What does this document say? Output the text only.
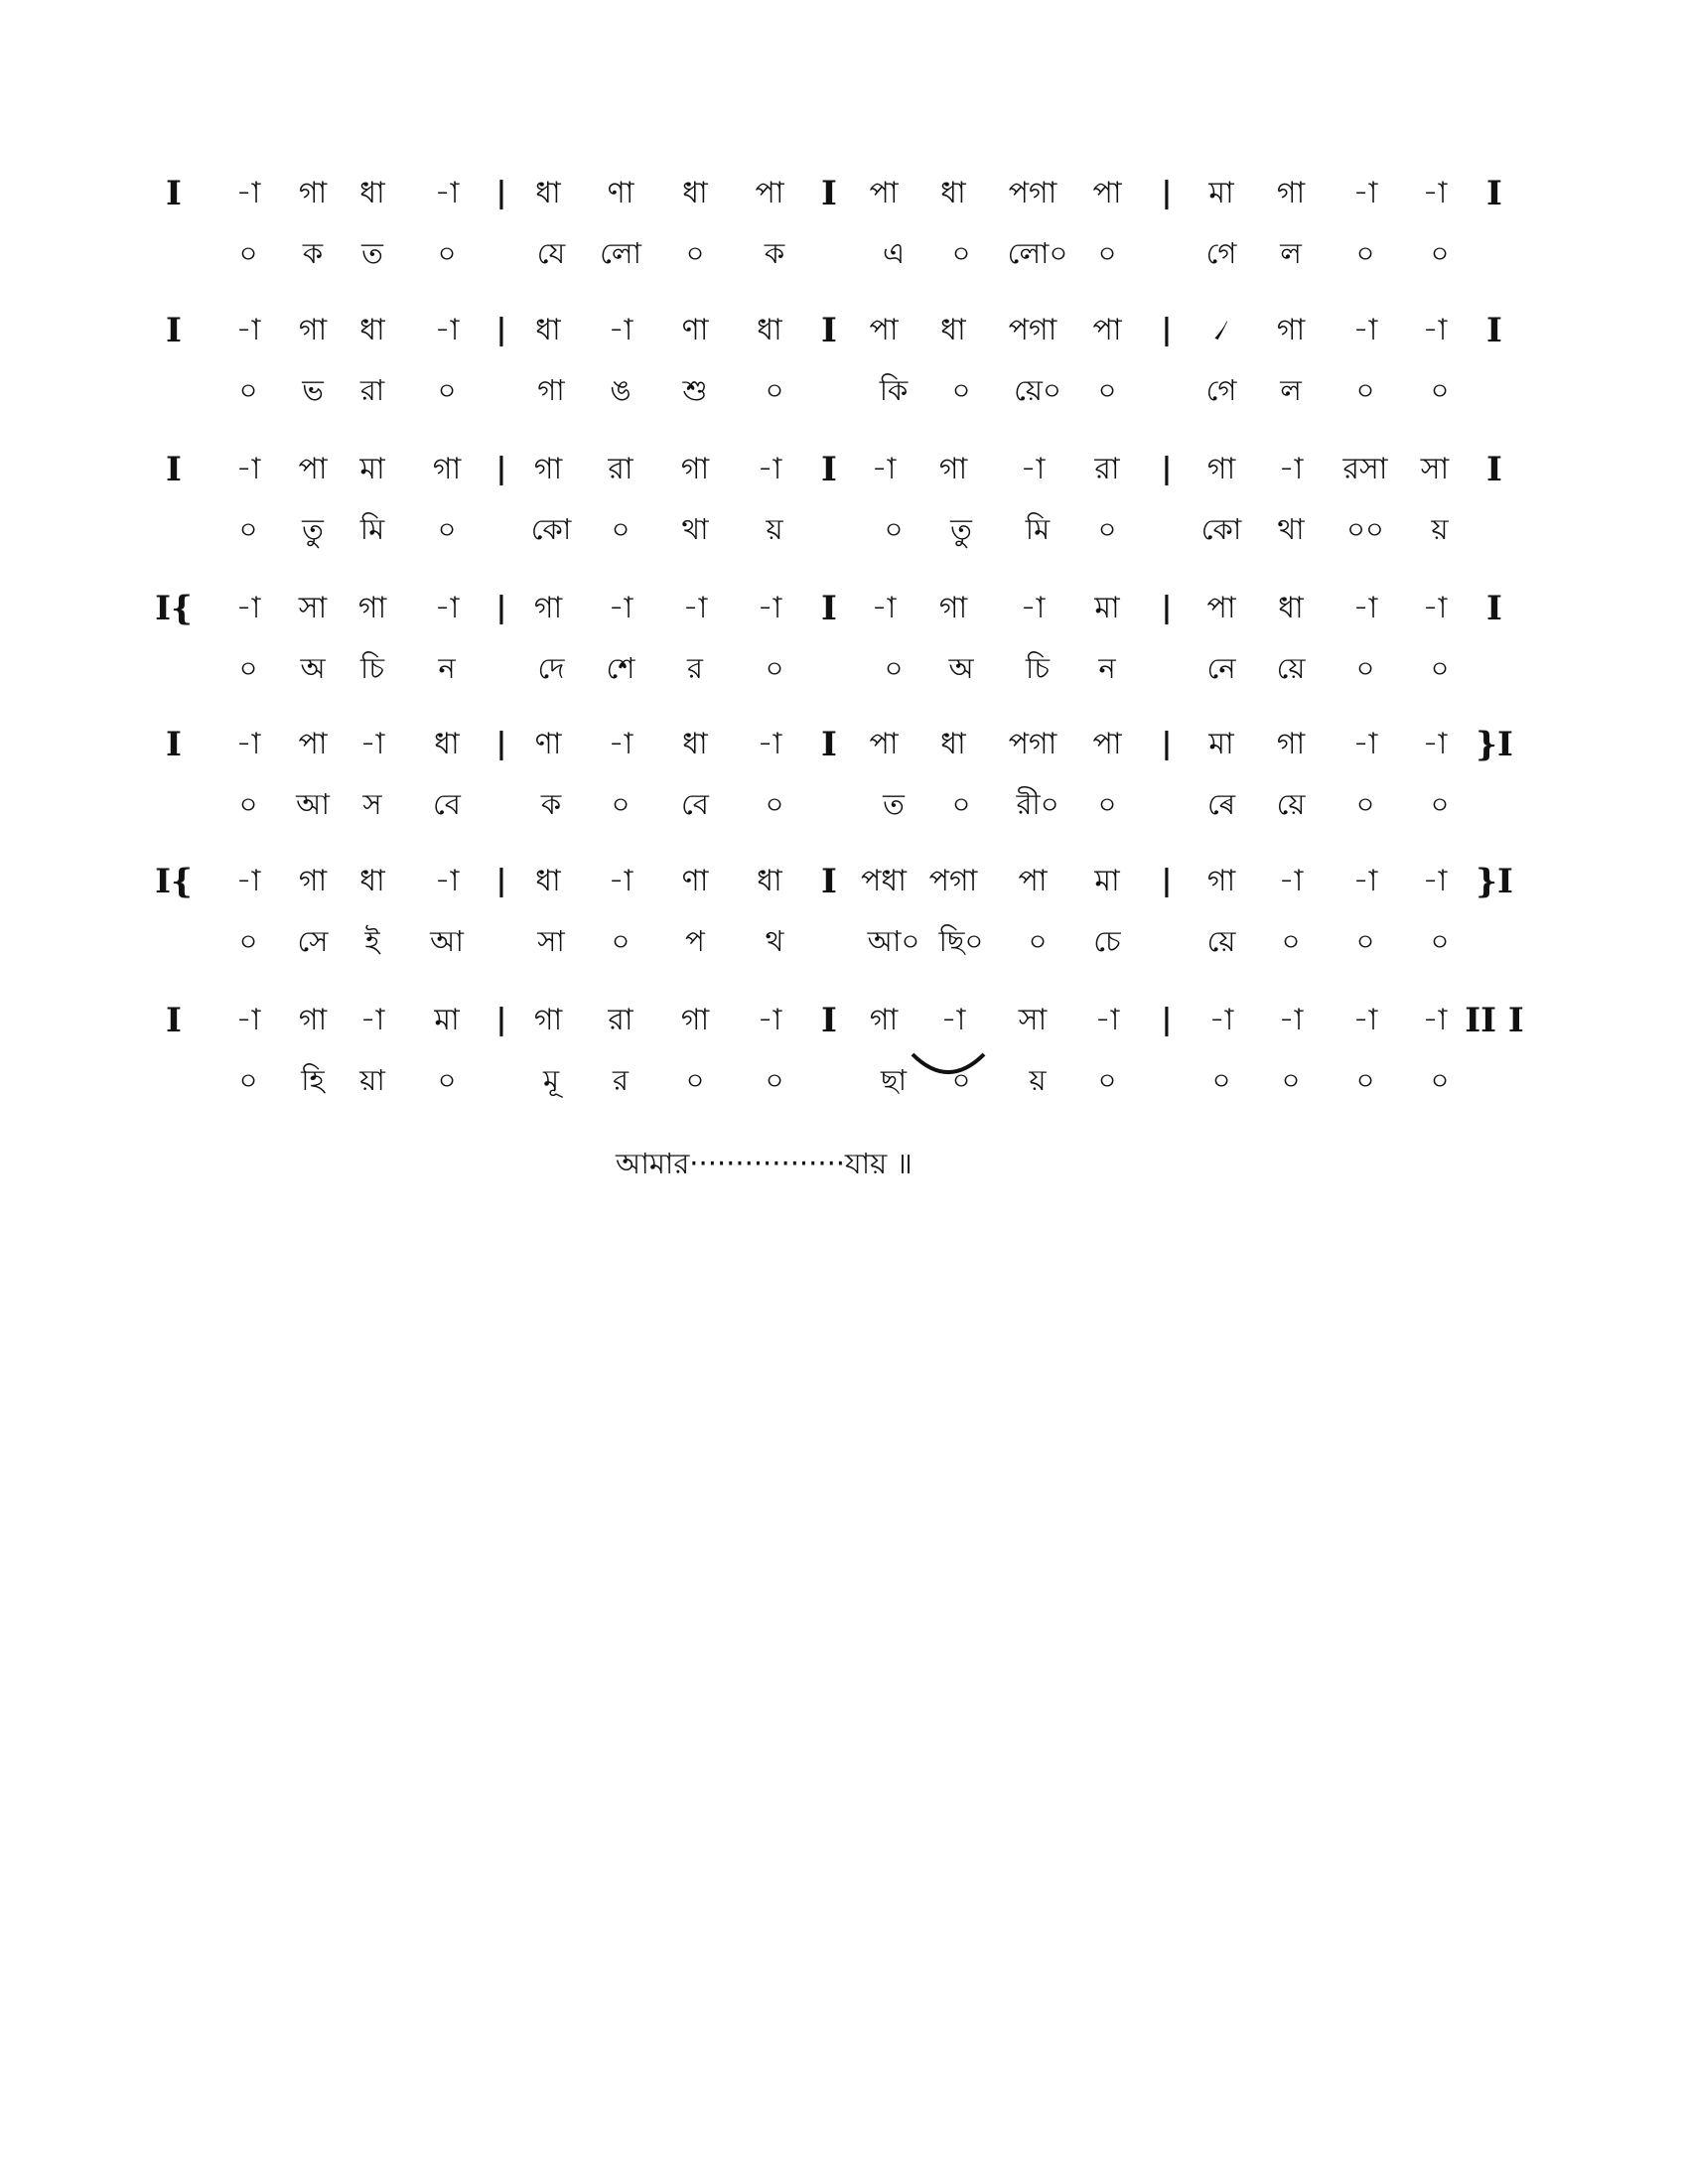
I -া গা ধা -া | ধা ণা ধা পা I পা ধা পগা পা | মা গা -া -া I
০ ক ত ০	যে লো ০ ক	এ ০ লো০ ০	গে ল ০ ০
I -া গা ধা -া | ধা -া ণা ধা I পা ধা পগা পা | ৴ গা -া -া I
০ ভ রা ০	গা ঙ শু ০	কি ০ য়ে০ ০	গে ল ০ ০
I -া পা মা গা | গা রা গা -া I -া গা -া রা | গা -া রসা সা I
০ তু মি ০	কো ০ থা য়	০ তু মি ০	কো থা ০০ য়
I{ -া সা গা -া | গা -া -া -া I -া গা -া মা | পা ধা -া -া I
০ অ চি ন	দে শে র ০	০ অ চি ন	নে য়ে ০ ০
I -া পা -া ধা | ণা -া ধা -া I পা ধা পগা পা | মা গা -া -া }I
০ আ স বে	ক ০ বে ০	ত ০ রী০ ০	ৰে য়ে ০ ০
I{ -া গা ধা -া | ধা -া ণা ধা I পধা পগা পা মা | গা -া -া -া }I
০ সে ই আ	সা ০ প থ	আ০ ছি০ ০ চে	য়ে ০ ০ ০
I -া গা -া মা | গা রা গা -া I গা -া সা -া | -া -া -া -া II I
০ হি য়া ০	মূ র ০ ০	ছা ০ য় ০	০ ০ ০ ০
আমার·················যায় ॥
